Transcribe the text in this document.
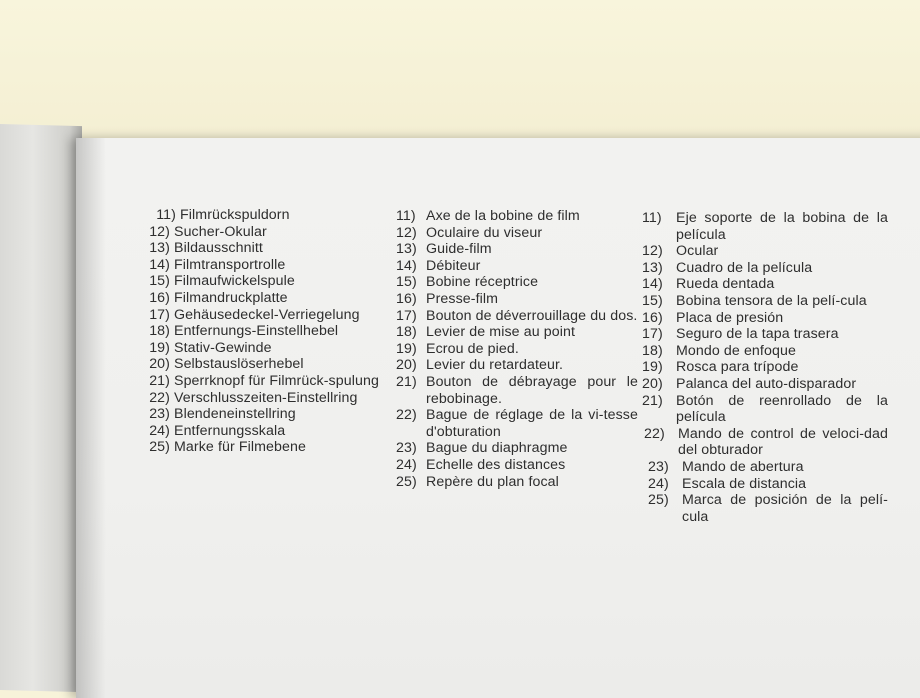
11) Filmrückspuldorn
12) Sucher-Okular
13) Bildausschnitt
14) Filmtransportrolle
15) Filmaufwickelspule
16) Filmandruckplatte
17) Gehäusedeckel-Verriegelung
18) Entfernungs-Einstellhebel
19) Stativ-Gewinde
20) Selbstauslöserhebel
21) Sperrknopf für Filmrück-spulung
22) Verschlusszeiten-Einstellring
23) Blendeneinstellring
24) Entfernungsskala
25) Marke für Filmebene
11) Axe de la bobine de film
12) Oculaire du viseur
13) Guide-film
14) Débiteur
15) Bobine réceptrice
16) Presse-film
17) Bouton de déverrouillage du dos.
18) Levier de mise au point
19) Ecrou de pied.
20) Levier du retardateur.
21) Bouton de débrayage pour le rebobinage.
22) Bague de réglage de la vi-tesse d'obturation
23) Bague du diaphragme
24) Echelle des distances
25) Repère du plan focal
11)	Eje soporte de la bobina de la película
12) Ocular
13) Cuadro de la película
14) Rueda dentada
15) Bobina tensora de la pelí-cula
16) Placa de presión
17) Seguro de la tapa trasera
18) Mondo de enfoque
19) Rosca para trípode
20) Palanca del auto-disparador
21) Botón de reenrollado de la película
22) Mando de control de veloci-dad del obturador
23) Mando de abertura
24) Escala de distancia
25) Marca de posición de la pelí-cula
